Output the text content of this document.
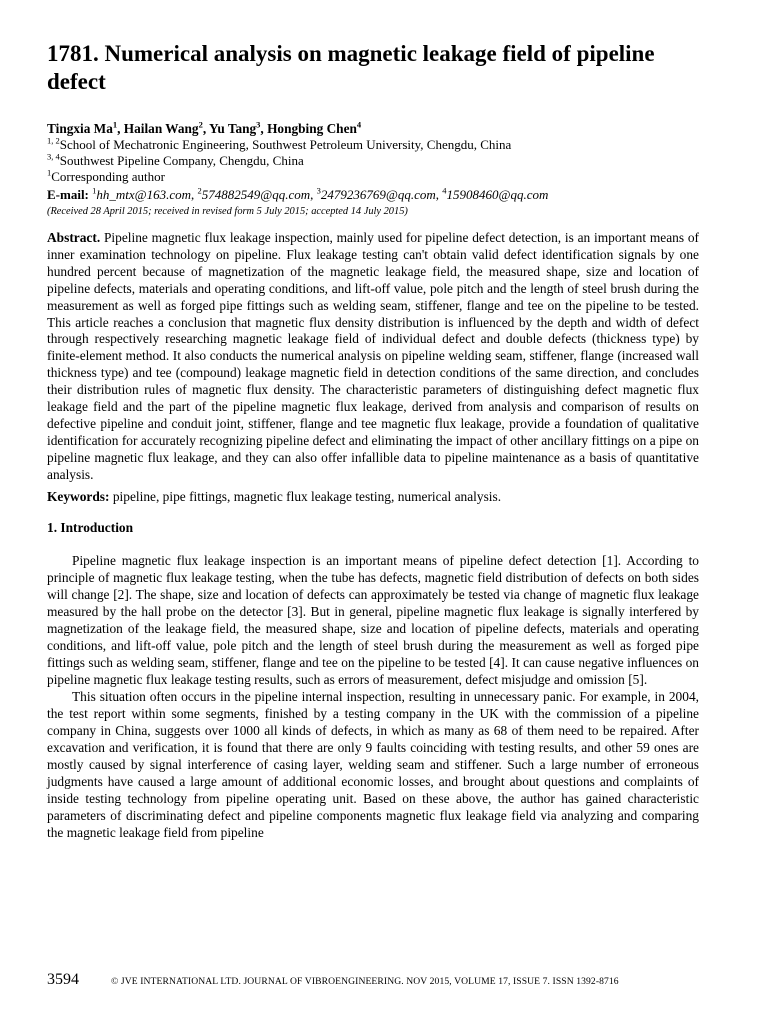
1781. Numerical analysis on magnetic leakage field of pipeline defect
Tingxia Ma$^1$, Hailan Wang$^2$, Yu Tang$^3$, Hongbing Chen$^4$
$^{1, 2}$School of Mechatronic Engineering, Southwest Petroleum University, Chengdu, China
$^{3, 4}$Southwest Pipeline Company, Chengdu, China
$^1$Corresponding author
E-mail: $^1$hh_mtx@163.com, $^2$574882549@qq.com, $^3$2479236769@qq.com, $^4$15908460@qq.com
(Received 28 April 2015; received in revised form 5 July 2015; accepted 14 July 2015)
Abstract. Pipeline magnetic flux leakage inspection, mainly used for pipeline defect detection, is an important means of inner examination technology on pipeline. Flux leakage testing can't obtain valid defect identification signals by one hundred percent because of magnetization of the magnetic leakage field, the measured shape, size and location of pipeline defects, materials and operating conditions, and lift-off value, pole pitch and the length of steel brush during the measurement as well as forged pipe fittings such as welding seam, stiffener, flange and tee on the pipeline to be tested. This article reaches a conclusion that magnetic flux density distribution is influenced by the depth and width of defect through respectively researching magnetic leakage field of individual defect and double defects (thickness type) by finite-element method. It also conducts the numerical analysis on pipeline welding seam, stiffener, flange (increased wall thickness type) and tee (compound) leakage magnetic field in detection conditions of the same direction, and concludes their distribution rules of magnetic flux density. The characteristic parameters of distinguishing defect magnetic flux leakage field and the part of the pipeline magnetic flux leakage, derived from analysis and comparison of results on defective pipeline and conduit joint, stiffener, flange and tee magnetic flux leakage, provide a foundation of qualitative identification for accurately recognizing pipeline defect and eliminating the impact of other ancillary fittings on a pipe on pipeline magnetic flux leakage, and they can also offer infallible data to pipeline maintenance as a basis of quantitative analysis.
Keywords: pipeline, pipe fittings, magnetic flux leakage testing, numerical analysis.
1. Introduction

Pipeline magnetic flux leakage inspection is an important means of pipeline defect detection [1]. According to principle of magnetic flux leakage testing, when the tube has defects, magnetic field distribution of defects on both sides will change [2]. The shape, size and location of defects can approximately be tested via change of magnetic flux leakage measured by the hall probe on the detector [3]. But in general, pipeline magnetic flux leakage is signally interfered by magnetization of the leakage field, the measured shape, size and location of pipeline defects, materials and operating conditions, and lift-off value, pole pitch and the length of steel brush during the measurement as well as forged pipe fittings such as welding seam, stiffener, flange and tee on the pipeline to be tested [4]. It can cause negative influences on pipeline magnetic flux leakage testing results, such as errors of measurement, defect misjudge and omission [5].

This situation often occurs in the pipeline internal inspection, resulting in unnecessary panic. For example, in 2004, the test report within some segments, finished by a testing company in the UK with the commission of a pipeline company in China, suggests over 1000 all kinds of defects, in which as many as 68 of them need to be repaired. After excavation and verification, it is found that there are only 9 faults coinciding with testing results, and other 59 ones are mostly caused by signal interference of casing layer, welding seam and stiffener. Such a large number of erroneous judgments have caused a large amount of additional economic losses, and brought about questions and complaints of inside testing technology from pipeline operating unit. Based on these above, the author has gained characteristic parameters of discriminating defect and pipeline components magnetic flux leakage field via analyzing and comparing the magnetic leakage field from pipeline

3594	© JVE INTERNATIONAL LTD. JOURNAL OF VIBROENGINEERING. NOV 2015, VOLUME 17, ISSUE 7. ISSN 1392-8716
